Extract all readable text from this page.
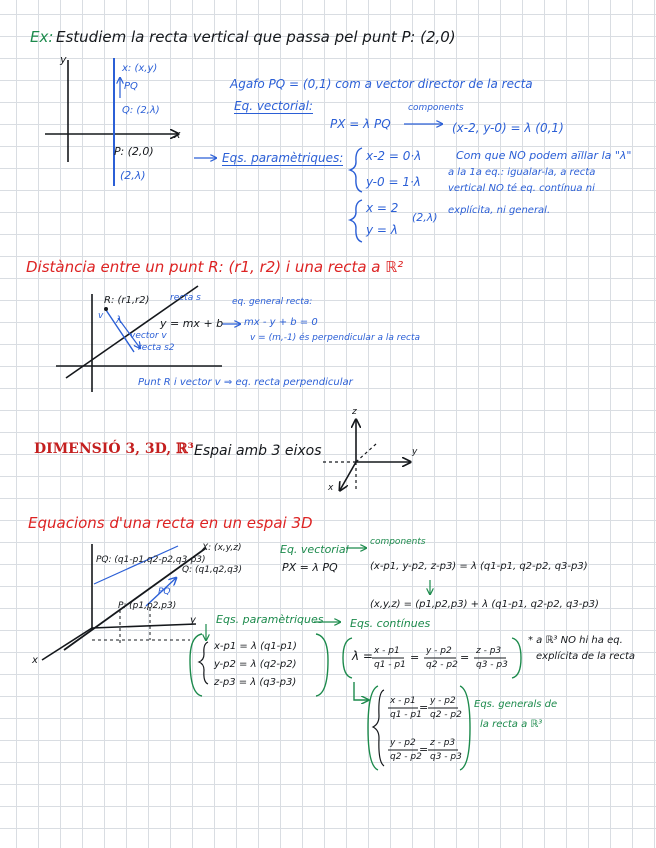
Ex: Estudiem la recta vertical que passa pel punt P: (2,0)
y
x
x: (x,y)
PQ
Q: (2,λ)
P: (2,0)
(2,λ)
Agafo PQ = (0,1) com a vector director de la recta
Eq. vectorial:
PX = λ PQ
components
(x-2, y-0) = λ (0,1)
Eqs. paramètriques: x-2 = 0·λ
y-0 = 1·λ
x = 2
y = λ
(2,λ)
Com que NO podem aïllar la "λ"
a la 1a eq.: igualar-la, a recta
vertical NO té eq. contínua ni
explícita, ni general.
Distància entre un punt R: (r1, r2) i una recta a ℝ²
R: (r1,r2) recta s
λ
v
y = mx + b
eq. general recta:
mx - y + b = 0
v = (m,-1) és perpendicular a la recta
vector v
recta s2
Punt R i vector v ⇒ eq. recta perpendicular
DIMENSIÓ 3, 3D, ℝ³ Espai amb 3 eixos
z
y
x
Equacions d'una recta en un espai 3D
X: (x,y,z)
Q: (q1,q2,q3)
P: (p1,p2,p3)
PQ: (q1-p1,q2-p2,q3-p3)
PQ
y
x
Eq. vectorial
components
PX = λ PQ	(x-p1, y-p2, z-p3) = λ (q1-p1, q2-p2, q3-p3)
(x,y,z) = (p1,p2,p3) + λ (q1-p1, q2-p2, q3-p3)
Eqs. paramètriques
x-p1 = λ (q1-p1)
y-p2 = λ (q2-p2)
z-p3 = λ (q3-p3)
Eqs. contínues
λ = x - p1
q1 - p1
= y - p2
q2 - p2
= z - p3
q3 - p3
* a ℝ³ NO hi ha eq.
explícita de la recta
x - p1
q1 - p1
= y - p2
q2 - p2
y - p2
q2 - p2
= z - p3
q3 - p3
Eqs. generals de
la recta a ℝ³
